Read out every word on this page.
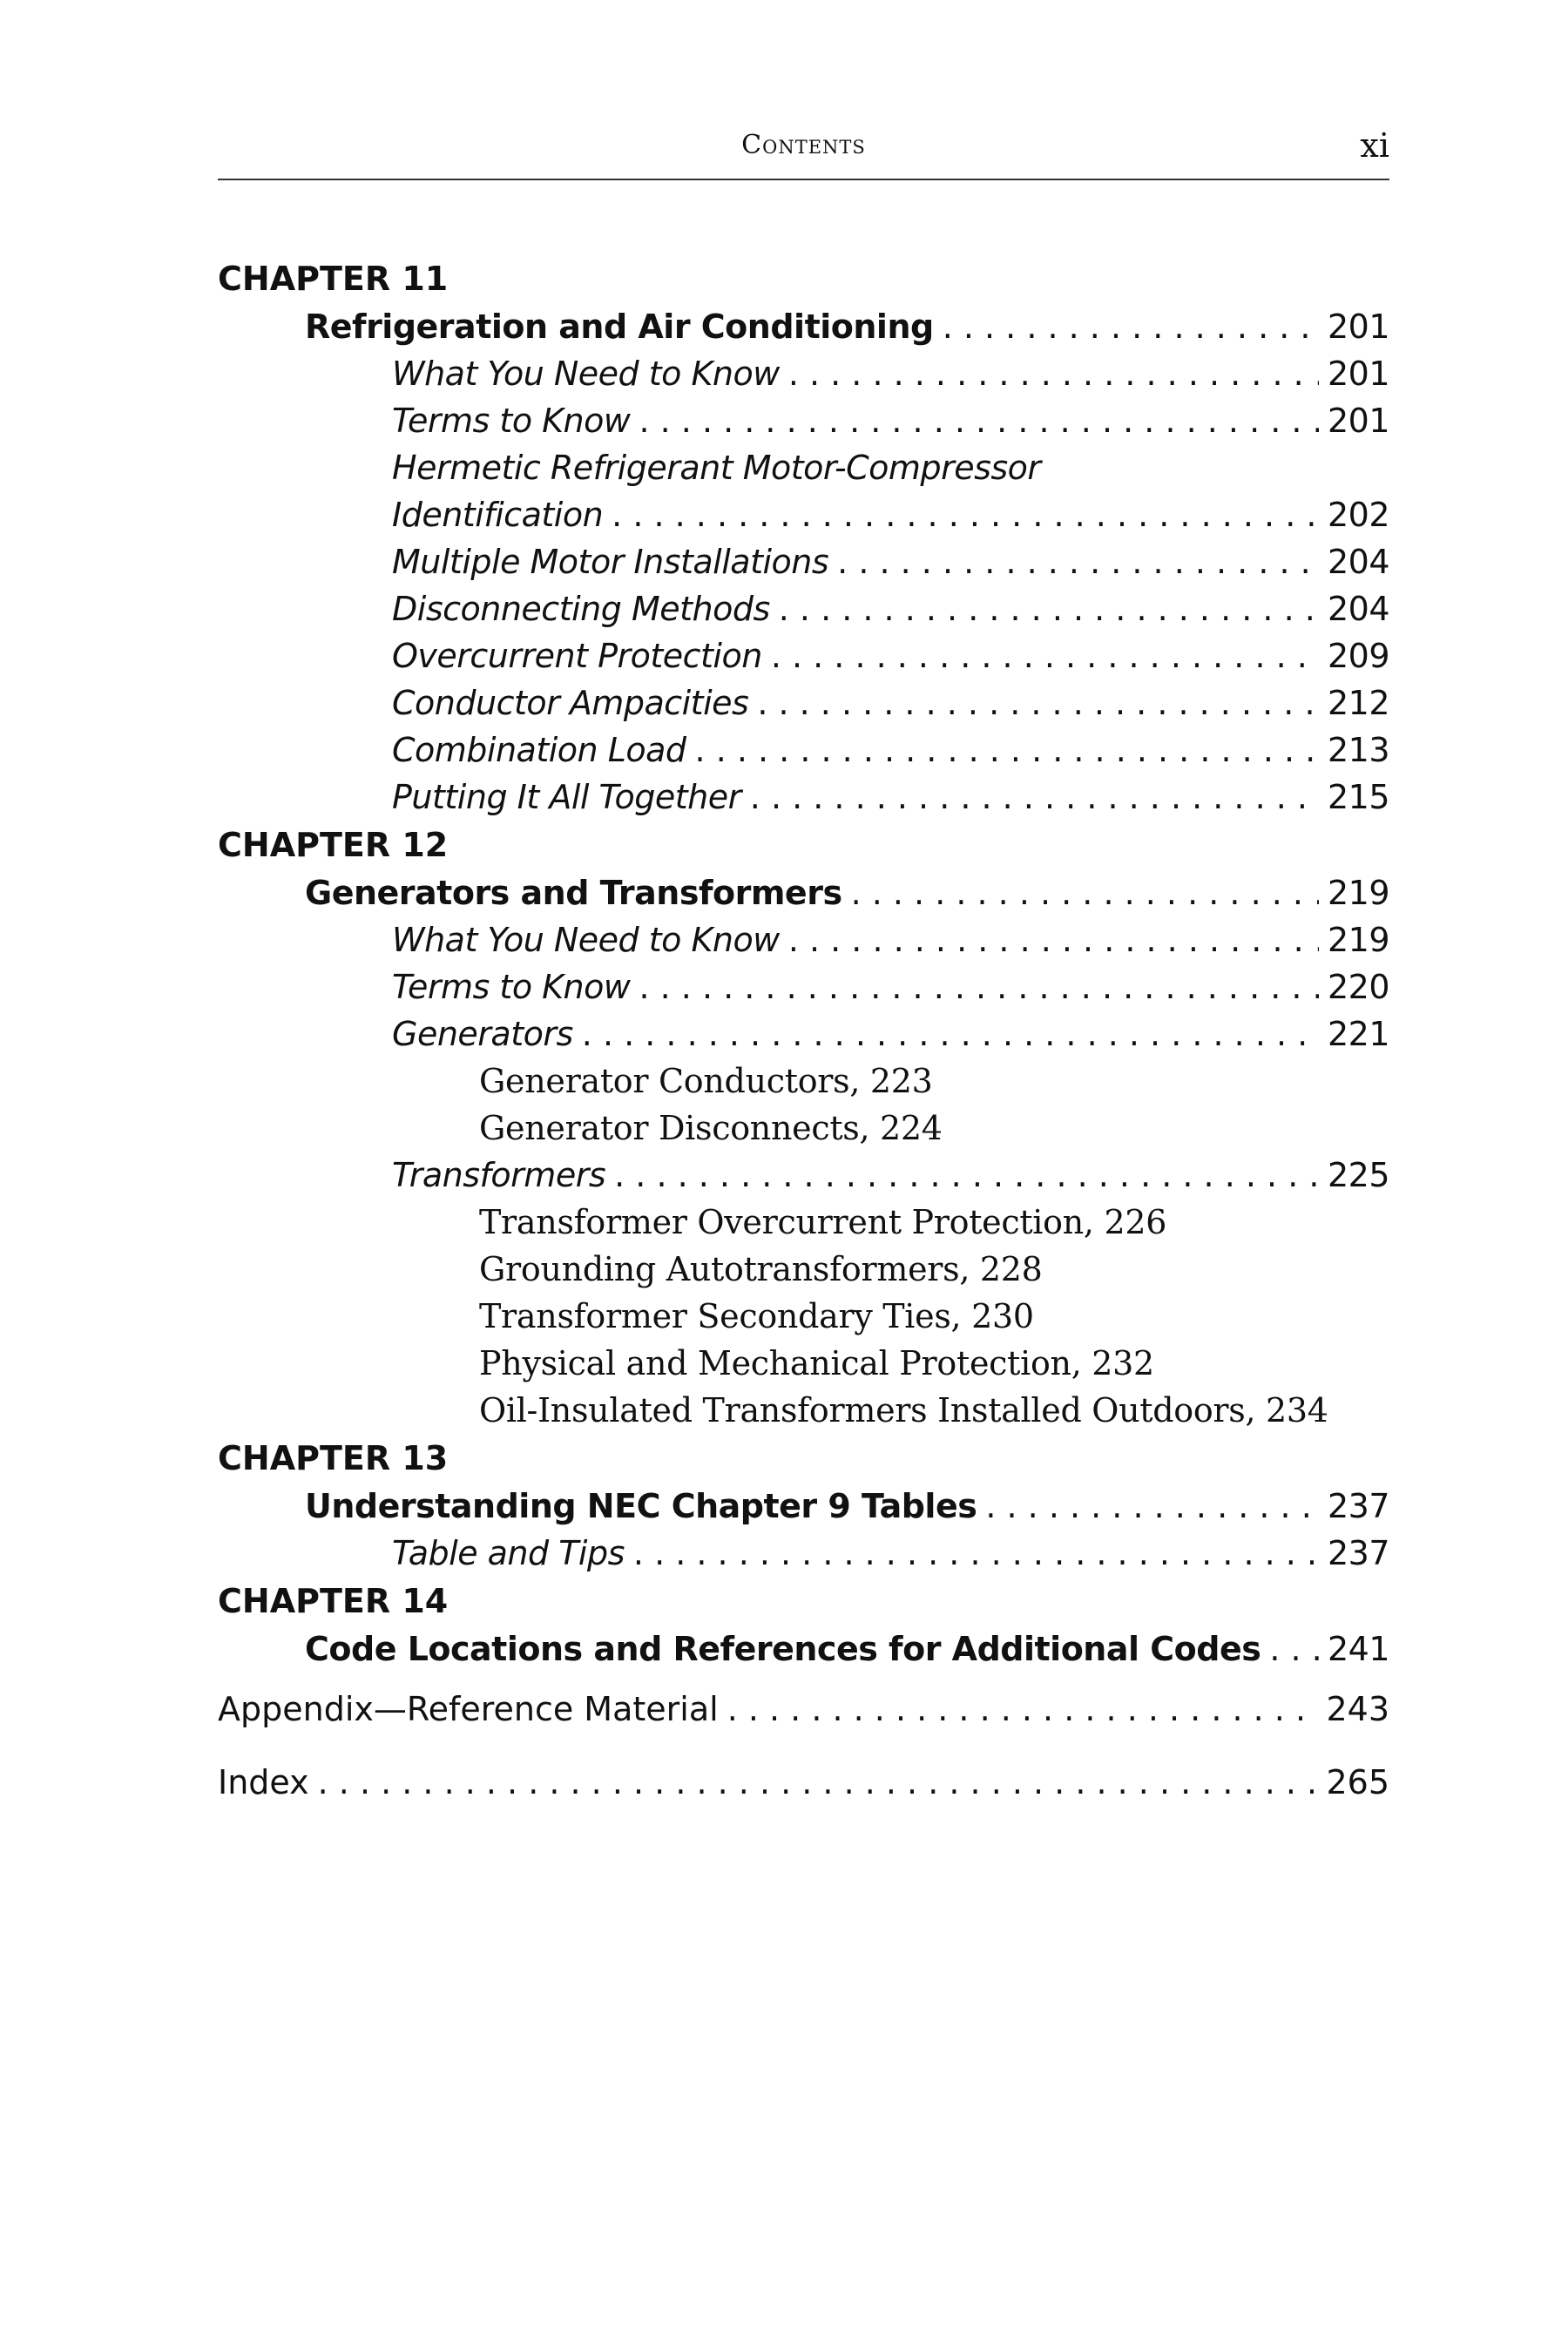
Contents	xi
CHAPTER 11
Refrigeration and Air Conditioning . . .	201
What You Need to Know . . .	201
Terms to Know . . .	201
Hermetic Refrigerant Motor-Compressor
Identification . . .	202
Multiple Motor Installations . . .	204
Disconnecting Methods . . .	204
Overcurrent Protection . . .	209
Conductor Ampacities . . .	212
Combination Load . . .	213
Putting It All Together . . .	215
CHAPTER 12
Generators and Transformers . . .	219
What You Need to Know . . .	219
Terms to Know . . .	220
Generators . . .	221
Generator Conductors, 223
Generator Disconnects, 224
Transformers . . .	225
Transformer Overcurrent Protection, 226
Grounding Autotransformers, 228
Transformer Secondary Ties, 230
Physical and Mechanical Protection, 232
Oil-Insulated Transformers Installed Outdoors, 234
CHAPTER 13
Understanding NEC Chapter 9 Tables . . .	237
Table and Tips . . .	237
CHAPTER 14
Code Locations and References for Additional Codes . . . 241
Appendix—Reference Material . . .	243
Index . . .	265
